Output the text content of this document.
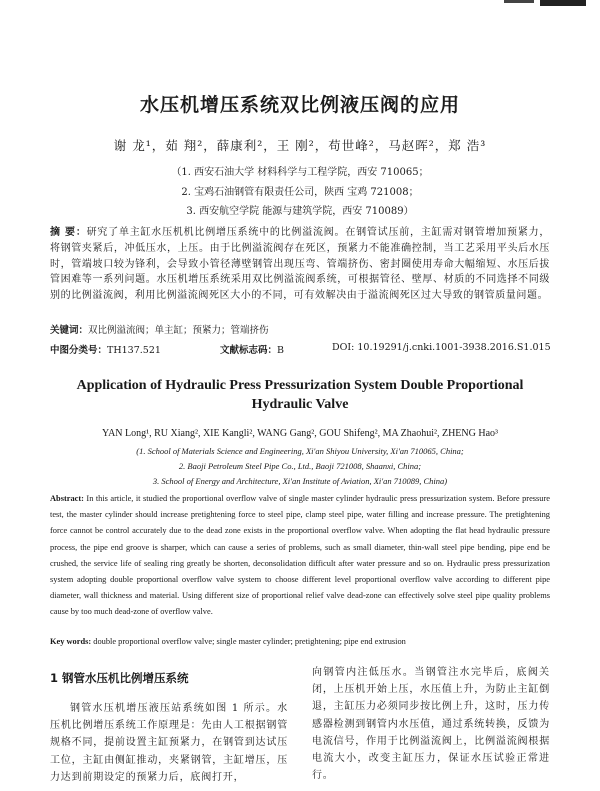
水压机增压系统双比例液压阀的应用
谢 龙¹，茹 翔²，薛康利²，王 刚²，苟世峰²，马赵晖²，郑 浩³
（1. 西安石油大学 材料科学与工程学院，西安 710065；
2. 宝鸡石油钢管有限责任公司，陕西 宝鸡 721008；
3. 西安航空学院 能源与建筑学院，西安 710089）
摘 要：研究了单主缸水压机机比例增压系统中的比例溢流阀。在钢管试压前，主缸需对钢管增加预紧力，将钢管夹紧后，冲低压水，上压。由于比例溢流阀存在死区，预紧力不能准确控制，当工艺采用平头后水压时，管端坡口较为锋利，会导致小管径薄壁钢管出现压弯、管端挤伤、密封圈使用寿命大幅缩短、水压后拔管困难等一系列问题。水压机增压系统采用双比例溢流阀系统，可根据管径、壁厚、材质的不同选择不同级别的比例溢流阀，利用比例溢流阀死区大小的不同，可有效解决由于溢流阀死区过大导致的钢管质量问题。
关键词：双比例溢流阀；单主缸；预紧力；管端挤伤
中图分类号：TH137.521	文献标志码：B	DOI: 10.19291/j.cnki.1001-3938.2016.S1.015
Application of Hydraulic Press Pressurization System Double Proportional
Hydraulic Valve
YAN Long¹, RU Xiang², XIE Kangli², WANG Gang², GOU Shifeng², MA Zhaohui², ZHENG Hao³
(1. School of Materials Science and Engineering, Xi'an Shiyou University, Xi'an 710065, China;
2. Baoji Petroleum Steel Pipe Co., Ltd., Baoji 721008, Shaanxi, China;
3. School of Energy and Architecture, Xi'an Institute of Aviation, Xi'an 710089, China)
Abstract: In this article, it studied the proportional overflow valve of single master cylinder hydraulic press pressurization system. Before pressure test, the master cylinder should increase pretightening force to steel pipe, clamp steel pipe, water filling and increase pressure. The pretightening force cannot be control accurately due to the dead zone exists in the proportional overflow valve. When adopting the flat head hydraulic pressure process, the pipe end groove is sharper, which can cause a series of problems, such as small diameter, thin-wall steel pipe bending, pipe end be crushed, the service life of sealing ring greatly be shorten, deconsolidation difficult after water pressure and so on. Hydraulic press pressurization system adopting double proportional overflow valve system to choose different level proportional overflow valve according to different pipe diameter, wall thickness and material. Using different size of proportional relief valve dead-zone can effectively solve steel pipe quality problems cause by too much dead-zone of overflow valve.
Key words: double proportional overflow valve; single master cylinder; pretightening; pipe end extrusion
1 钢管水压机比例增压系统
钢管水压机增压液压站系统如图 1 所示。水压机比例增压系统工作原理是：先由人工根据钢管规格不同，提前设置主缸预紧力，在钢管到达试压工位，主缸由侧缸推动，夹紧钢管，主缸增压，压力达到前期设定的预紧力后，底阀打开，
向钢管内注低压水。当钢管注水完毕后，底阀关闭，上压机开始上压，水压值上升，为防止主缸倒退，主缸压力必须同步按比例上升，这时，压力传感器检测到钢管内水压值，通过系统转换，反馈为电流信号，作用于比例溢流阀上，比例溢流阀根据电流大小，改变主缸压力，保证水压试验正常进行。
